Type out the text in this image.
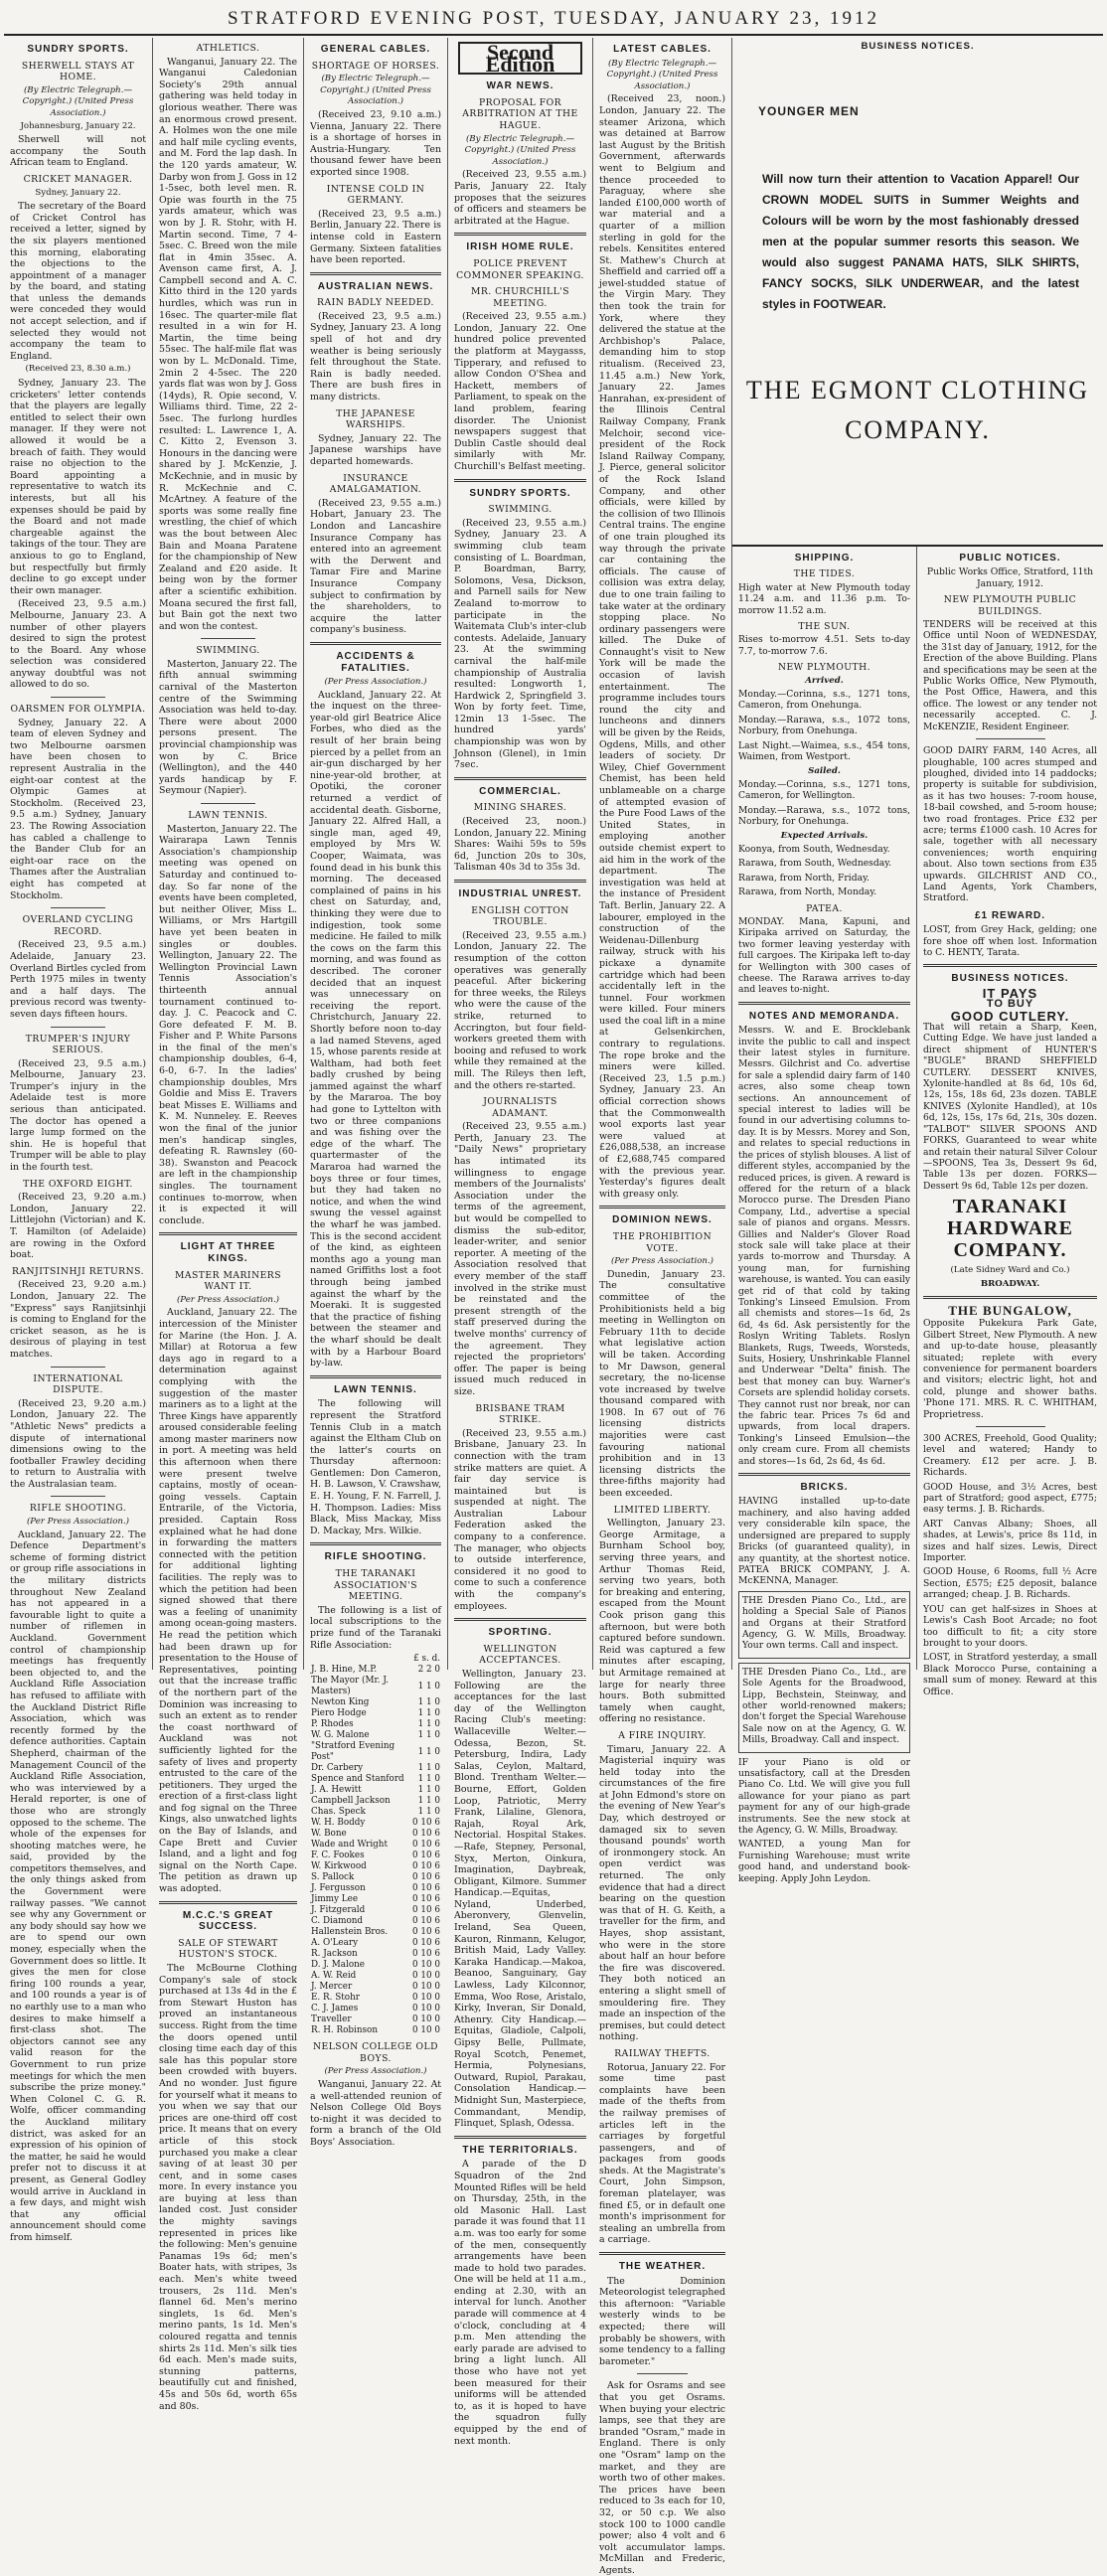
STRATFORD EVENING POST, TUESDAY, JANUARY 23, 1912
SUNDRY SPORTS.
SHERWELL STAYS AT HOME.
(By Electric Telegraph.—Copyright.) (United Press Association.)
Johannesburg, January 22.

Sherwell will not accompany the South African team to England.

CRICKET MANAGER.
Sydney, January 22.

The secretary of the Board of Cricket Control has received a letter, signed by the six players mentioned this morning, elaborating the objections to the appointment of a manager by the board, and stating that unless the demands were conceded they would not accept selection, and if selected they would not accompany the team to England.

(Received 23, 8.30 a.m.)

Sydney, January 23. The cricketers' letter contends that the players are legally entitled to select their own manager. If they were not allowed it would be a breach of faith. They would raise no objection to the Board appointing a representative to watch its interests, but all his expenses should be paid by the Board and not made chargeable against the takings of the tour. They are anxious to go to England, but respectfully but firmly decline to go except under their own manager.

(Received 23, 9.5 a.m.) Melbourne, January 23. A number of other players desired to sign the protest to the Board. Any whose selection was considered anyway doubtful was not allowed to do so.

OARSMEN FOR OLYMPIA.

Sydney, January 22. A team of eleven Sydney and two Melbourne oarsmen have been chosen to represent Australia in the eight-oar contest at the Olympic Games at Stockholm. (Received 23, 9.5 a.m.) Sydney, January 23. The Rowing Association has cabled a challenge to the Bander Club for an eight-oar race on the Thames after the Australian eight has competed at Stockholm.

OVERLAND CYCLING RECORD.

(Received 23, 9.5 a.m.) Adelaide, January 23. Overland Birtles cycled from Perth 1975 miles in twenty and a half days. The previous record was twenty-seven days fifteen hours.

TRUMPER'S INJURY SERIOUS.

(Received 23, 9.5 a.m.) Melbourne, January 23. Trumper's injury in the Adelaide test is more serious than anticipated. The doctor has opened a large lump formed on the shin. He is hopeful that Trumper will be able to play in the fourth test.

THE OXFORD EIGHT.

(Received 23, 9.20 a.m.) London, January 22. Littlejohn (Victorian) and K. T. Hamilton (of Adelaide) are rowing in the Oxford boat.

RANJITSINHJI RETURNS.

(Received 23, 9.20 a.m.) London, January 22. The "Express" says Ranjitsinhji is coming to England for the cricket season, as he is desirous of playing in test matches.

INTERNATIONAL DISPUTE.

(Received 23, 9.20 a.m.) London, January 22. The "Athletic News" predicts a dispute of international dimensions owing to the footballer Frawley deciding to return to Australia with the Australasian team.

RIFLE SHOOTING.
(Per Press Association.)

Auckland, January 22. The Defence Department's scheme of forming district or group rifle associations in the military districts throughout New Zealand has not appeared in a favourable light to quite a number of riflemen in Auckland. Government control of championship meetings has frequently been objected to, and the Auckland Rifle Association has refused to affiliate with the Auckland District Rifle Association, which was recently formed by the defence authorities. Captain Shepherd, chairman of the Management Council of the Auckland Rifle Association, who was interviewed by a Herald reporter, is one of those who are strongly opposed to the scheme. The whole of the expenses for shooting matches were, he said, provided by the competitors themselves, and the only things asked from the Government were railway passes. "We cannot see why any Government or any body should say how we are to spend our own money, especially when the Government does so little. It gives the men for close firing 100 rounds a year, and 100 rounds a year is of no earthly use to a man who desires to make himself a first-class shot. The objectors cannot see any valid reason for the Government to run prize meetings for which the men subscribe the prize money." When Colonel C. G. R. Wolfe, officer commanding the Auckland military district, was asked for an expression of his opinion of the matter, he said he would prefer not to discuss it at present, as General Godley would arrive in Auckland in a few days, and might wish that any official announcement should come from himself.

ATHLETICS.

Wanganui, January 22. The Wanganui Caledonian Society's 29th annual gathering was held today in glorious weather. There was an enormous crowd present. A. Holmes won the one mile and half mile cycling events, and M. Ford the lap dash. In the 120 yards amateur, W. Darby won from J. Goss in 12 1-5sec, both level men. R. Opie was fourth in the 75 yards amateur, which was won by J. R. Stohr, with H. Martin second. Time, 7 4-5sec. C. Breed won the mile flat in 4min 35sec. A. Avenson came first, A. J. Campbell second and A. C. Kitto third in the 120 yards hurdles, which was run in 16sec. The quarter-mile flat resulted in a win for H. Martin, the time being 55sec. The half-mile flat was won by L. McDonald. Time, 2min 2 4-5sec. The 220 yards flat was won by J. Goss (14yds), R. Opie second, V. Williams third. Time, 22 2-5sec. The furlong hurdles resulted: L. Lawrence 1, A. C. Kitto 2, Evenson 3. Honours in the dancing were shared by J. McKenzie, J. McKechnie, and in music by R. McKechnie and C. McArtney. A feature of the sports was some really fine wrestling, the chief of which was the bout between Alec Bain and Moana Paratene for the championship of New Zealand and £20 aside. It being won by the former after a scientific exhibition. Moana secured the first fall, but Bain got the next two and won the contest.

SWIMMING.

Masterton, January 22. The fifth annual swimming carnival of the Masterton centre of the Swimming Association was held to-day. There were about 2000 persons present. The provincial championship was won by C. Brice (Wellington), and the 440 yards handicap by F. Seymour (Napier).

LAWN TENNIS.

Masterton, January 22. The Wairarapa Lawn Tennis Association's championship meeting was opened on Saturday and continued to-day. So far none of the events have been completed, but neither Oliver, Miss L. Williams, or Mrs Hartgill have yet been beaten in singles or doubles. Wellington, January 22. The Wellington Provincial Lawn Tennis Association's thirteenth annual tournament continued to-day. J. C. Peacock and C. Gore defeated F. M. B. Fisher and P. White Parsons in the final of the men's championship doubles, 6-4, 6-0, 6-7. In the ladies' championship doubles, Mrs Goldie and Miss E. Travers beat Misses E. Williams and K. M. Nunneley. E. Reeves won the final of the junior men's handicap singles, defeating R. Rawnsley (60-38). Swanston and Peacock are left in the championship singles. The tournament continues to-morrow, when it is expected it will conclude.

LIGHT AT THREE KINGS.
MASTER MARINERS WANT IT.
(Per Press Association.)

Auckland, January 22. The intercession of the Minister for Marine (the Hon. J. A. Millar) at Rotorua a few days ago in regard to a determination against complying with the suggestion of the master mariners as to a light at the Three Kings have apparently aroused considerable feeling among master mariners now in port. A meeting was held this afternoon when there were present twelve captains, mostly of ocean-going vessels. Captain Entrarile, of the Victoria, presided. Captain Ross explained what he had done in forwarding the matters connected with the petition for additional lighting facilities. The reply was to which the petition had been signed showed that there was a feeling of unanimity among ocean-going masters. He read the petition which had been drawn up for presentation to the House of Representatives, pointing out that the increase traffic of the northern part of the Dominion was increasing to such an extent as to render the coast northward of Auckland was not sufficiently lighted for the safety of lives and property entrusted to the care of the petitioners. They urged the erection of a first-class light and fog signal on the Three Kings, also unwatched lights on the Bay of Islands, and Cape Brett and Cuvier Island, and a light and fog signal on the North Cape. The petition as drawn up was adopted.

M.C.C.'S GREAT SUCCESS.
SALE OF STEWART HUSTON'S STOCK.

The McBourne Clothing Company's sale of stock purchased at 13s 4d in the £ from Stewart Huston has proved an instantaneous success. Right from the time the doors opened until closing time each day of this sale has this popular store been crowded with buyers. And no wonder. Just figure for yourself what it means to you when we say that our prices are one-third off cost price. It means that on every article of this stock purchased you make a clear saving of at least 30 per cent, and in some cases more. In every instance you are buying at less than landed cost. Just consider the mighty savings represented in prices like the following: Men's genuine Panamas 19s 6d; men's Boater hats, with stripes, 3s each. Men's white tweed trousers, 2s 11d. Men's flannel 6d. Men's merino singlets, 1s 6d. Men's merino pants, 1s 1d. Men's coloured regatta and tennis shirts 2s 11d. Men's silk ties 6d each. Men's made suits, stunning patterns, beautifully cut and finished, 45s and 50s 6d, worth 65s and 80s.

GENERAL CABLES.
SHORTAGE OF HORSES.
(By Electric Telegraph.—Copyright.) (United Press Association.)

(Received 23, 9.10 a.m.) Vienna, January 22. There is a shortage of horses in Austria-Hungary. Ten thousand fewer have been exported since 1908.

INTENSE COLD IN GERMANY.

(Received 23, 9.5 a.m.) Berlin, January 22. There is intense cold in Eastern Germany. Sixteen fatalities have been reported.

AUSTRALIAN NEWS.
RAIN BADLY NEEDED.

(Received 23, 9.5 a.m.) Sydney, January 23. A long spell of hot and dry weather is being seriously felt throughout the State. Rain is badly needed. There are bush fires in many districts.

THE JAPANESE WARSHIPS.

Sydney, January 22. The Japanese warships have departed homewards.

INSURANCE AMALGAMATION.

(Received 23, 9.55 a.m.) Hobart, January 23. The London and Lancashire Insurance Company has entered into an agreement with the Derwent and Tamar Fire and Marine Insurance Company subject to confirmation by the shareholders, to acquire the latter company's business.

ACCIDENTS & FATALITIES.
(Per Press Association.)

Auckland, January 22. At the inquest on the three-year-old girl Beatrice Alice Forbes, who died as the result of her brain being pierced by a pellet from an air-gun discharged by her nine-year-old brother, at Opotiki, the coroner returned a verdict of accidental death. Gisborne, January 22. Alfred Hall, a single man, aged 49, employed by Mrs W. Cooper, Waimata, was found dead in his bunk this morning. The deceased complained of pains in his chest on Saturday, and, thinking they were due to indigestion, took some medicine. He failed to milk the cows on the farm this morning, and was found as described. The coroner decided that an inquest was unnecessary on receiving the report. Christchurch, January 22. Shortly before noon to-day a lad named Stevens, aged 15, whose parents reside at Waltham, had both feet badly crushed by being jammed against the wharf by the Mararoa. The boy had gone to Lyttelton with two or three companions and was fishing over the edge of the wharf. The quartermaster of the Mararoa had warned the boys three or four times, but they had taken no notice, and when the wind swung the vessel against the wharf he was jambed. This is the second accident of the kind, as eighteen months ago a young man named Griffiths lost a foot through being jambed against the wharf by the Moeraki. It is suggested that the practice of fishing between the steamer and the wharf should be dealt with by a Harbour Board by-law.

LAWN TENNIS.

The following will represent the Stratford Tennis Club in a match against the Eltham Club on the latter's courts on Thursday afternoon: Gentlemen: Don Cameron, H. B. Lawson, V. Crawshaw, E. H. Young, F. N. Farrell, J. H. Thompson. Ladies: Miss Black, Miss Mackay, Miss D. Mackay, Mrs. Wilkie.

RIFLE SHOOTING.
THE TARANAKI ASSOCIATION'S MEETING.

The following is a list of local subscriptions to the prize fund of the Taranaki Rifle Association:

	£ s. d.
J. B. Hine, M.P.	2 2 0
The Mayor (Mr. J. Masters)	1 1 0
Newton King	1 1 0
Piero Hodge	1 1 0
P. Rhodes	1 1 0
W. G. Malone	1 1 0
"Stratford Evening Post"	1 1 0
Dr. Carbery	1 1 0
Spence and Stanford	1 1 0
J. A. Hewitt	1 1 0
Campbell Jackson	1 1 0
Chas. Speck	1 1 0
W. H. Boddy	0 10 6
W. Bone	0 10 6
Wade and Wright	0 10 6
F. C. Fookes	0 10 6
W. Kirkwood	0 10 6
S. Pallock	0 10 6
J. Fergusson	0 10 6
Jimmy Lee	0 10 6
J. Fitzgerald	0 10 6
C. Diamond	0 10 6
Hallenstein Bros.	0 10 6
A. O'Leary	0 10 6
R. Jackson	0 10 6
D. J. Malone	0 10 0
A. W. Reid	0 10 0
J. Mercer	0 10 0
E. R. Stohr	0 10 0
C. J. James	0 10 0
Traveller	0 10 0
R. H. Robinson	0 10 0
NELSON COLLEGE OLD BOYS.
(Per Press Association.)

Wanganui, January 22. At a well-attended reunion of Nelson College Old Boys to-night it was decided to form a branch of the Old Boys' Association.

Second Edition
WAR NEWS.
PROPOSAL FOR ARBITRATION AT THE HAGUE.
(By Electric Telegraph.—Copyright.) (United Press Association.)

(Received 23, 9.55 a.m.) Paris, January 22. Italy proposes that the seizures of officers and steamers be arbitrated at the Hague.

IRISH HOME RULE.
POLICE PREVENT COMMONER SPEAKING.
MR. CHURCHILL'S MEETING.

(Received 23, 9.55 a.m.) London, January 22. One hundred police prevented the platform at Maygasss, Tipperary, and refused to allow Condon O'Shea and Hackett, members of Parliament, to speak on the land problem, fearing disorder. The Unionist newspapers suggest that Dublin Castle should deal similarly with Mr. Churchill's Belfast meeting.

SUNDRY SPORTS.
SWIMMING.

(Received 23, 9.55 a.m.) Sydney, January 23. A swimming club team consisting of L. Boardman, P. Boardman, Barry, Solomons, Vesa, Dickson, and Parnell sails for New Zealand to-morrow to participate in the Waitemata Club's inter-club contests. Adelaide, January 23. At the swimming carnival the half-mile championship of Australia resulted: Longworth 1, Hardwick 2, Springfield 3. Won by forty feet. Time, 12min 13 1-5sec. The hundred yards' championship was won by Johnson (Glenel), in 1min 7sec.

COMMERCIAL.
MINING SHARES.

(Received 23, noon.) London, January 22. Mining Shares: Waihi 59s to 59s 6d, Junction 20s to 30s, Talisman 40s 3d to 35s 3d.

INDUSTRIAL UNREST.
ENGLISH COTTON TROUBLE.

(Received 23, 9.55 a.m.) London, January 22. The resumption of the cotton operatives was generally peaceful. After bickering for three weeks, the Rileys who were the cause of the strike, returned to Accrington, but four field-workers greeted them with booing and refused to work while they remained at the mill. The Rileys then left, and the others re-started.

JOURNALISTS ADAMANT.

(Received 23, 9.55 a.m.) Perth, January 23. The "Daily News" proprietary has intimated its willingness to engage members of the Journalists' Association under the terms of the agreement, but would be compelled to dismiss the sub-editor, leader-writer, and senior reporter. A meeting of the Association resolved that every member of the staff involved in the strike must be reinstated and the present strength of the staff preserved during the twelve months' currency of the agreement. They rejected the proprietors' offer. The paper is being issued much reduced in size.

BRISBANE TRAM STRIKE.

(Received 23, 9.55 a.m.) Brisbane, January 23. In connection with the tram strike matters are quiet. A fair day service is maintained but is suspended at night. The Australian Labour Federation asked the company to a conference. The manager, who objects to outside interference, considered it no good to come to such a conference with the company's employees.

SPORTING.
WELLINGTON ACCEPTANCES.

Wellington, January 23. Following are the acceptances for the last day of the Wellington Racing Club's meeting: Wallaceville Welter.—Odessa, Bezon, St. Petersburg, Indira, Lady Salas, Ceylon, Maltard, Blond. Trentham Welter.—Bourne, Effort, Golden Loop, Patriotic, Merry Frank, Lilaline, Glenora, Rajah, Royal Ark, Nectorial. Hospital Stakes.—Rafe, Stepney, Personal, Styx, Merton, Oinkura, Imagination, Daybreak, Obligant, Kilmore. Summer Handicap.—Equitas, Nyland, Underbed, Aberonvery, Glenvelin, Ireland, Sea Queen, Kauron, Rinmann, Kelugor, British Maid, Lady Valley. Karaka Handicap.—Makoa, Beanoo, Sanguinary, Gay Lawless, Lady Kilconnor, Emma, Woo Rose, Aristalo, Kirky, Inveran, Sir Donald, Athenry. City Handicap.—Equitas, Gladiole, Calpoli, Gipsy Belle, Pullmate, Royal Scotch, Penemet, Hermia, Polynesians, Outward, Rupiol, Parakau, Consolation Handicap.—Midnight Sun, Masterpiece, Commandant, Mendip, Flinquet, Splash, Odessa.

THE TERRITORIALS.

A parade of the D Squadron of the 2nd Mounted Rifles will be held on Thursday, 25th, in the old Masonic Hall. Last parade it was found that 11 a.m. was too early for some of the men, consequently arrangements have been made to hold two parades. One will be held at 11 a.m., ending at 2.30, with an interval for lunch. Another parade will commence at 4 o'clock, concluding at 4 p.m. Men attending the early parade are advised to bring a light lunch. All those who have not yet been measured for their uniforms will be attended to, as it is hoped to have the squadron fully equipped by the end of next month.

LATEST CABLES.
(By Electric Telegraph.—Copyright.) (United Press Association.)

(Received 23, noon.) London, January 22. The steamer Arizona, which was detained at Barrow last August by the British Government, afterwards went to Belgium and thence proceeded to Paraguay, where she landed £100,000 worth of war material and a quarter of a million sterling in gold for the rebels. Kensitites entered St. Mathew's Church at Sheffield and carried off a jewel-studded statue of the Virgin Mary. They then took the train for York, where they delivered the statue at the Archbishop's Palace, demanding him to stop ritualism. (Received 23, 11.45 a.m.) New York, January 22. James Hanrahan, ex-president of the Illinois Central Railway Company, Frank Melchoir, second vice-president of the Rock Island Railway Company, J. Pierce, general solicitor of the Rock Island Company, and other officials, were killed by the collision of two Illinois Central trains. The engine of one train ploughed its way through the private car containing the officials. The cause of collision was extra delay, due to one train failing to take water at the ordinary stopping place. No ordinary passengers were killed. The Duke of Connaught's visit to New York will be made the occasion of lavish entertainment. The programme includes tours round the city and luncheons and dinners will be given by the Reids, Ogdens, Mills, and other leaders of society. Dr Wiley, Chief Government Chemist, has been held unblameable on a charge of attempted evasion of the Pure Food Laws of the United States, in employing another outside chemist expert to aid him in the work of the department. The investigation was held at the instance of President Taft. Berlin, January 22. A labourer, employed in the construction of the Weidenau-Dillenburg railway, struck with his pickaxe a dynamite cartridge which had been accidentally left in the tunnel. Four workmen were killed. Four miners used the coal lift in a mine at Gelsenkirchen, contrary to regulations. The rope broke and the miners were killed. (Received 23, 1.5 p.m.) Sydney, January 23. An official correction shows that the Commonwealth wool exports last year were valued at £26,088,538, an increase of £2,688,745 compared with the previous year. Yesterday's figures dealt with greasy only.

DOMINION NEWS.
THE PROHIBITION VOTE.
(Per Press Association.)

Dunedin, January 23. The consultative committee of the Prohibitionists held a big meeting in Wellington on February 11th to decide what legislative action will be taken. According to Mr Dawson, general secretary, the no-license vote increased by twelve thousand compared with 1908. In 67 out of 76 licensing districts majorities were cast favouring national prohibition and in 13 licensing districts the three-fifths majority had been exceeded.

LIMITED LIBERTY.

Wellington, January 23. George Armitage, a Burnham School boy, serving three years, and Arthur Thomas Reid, serving two years, both for breaking and entering, escaped from the Mount Cook prison gang this afternoon, but were both captured before sundown. Reid was captured a few minutes after escaping, but Armitage remained at large for nearly three hours. Both submitted tamely when caught, offering no resistance.

A FIRE INQUIRY.

Timaru, January 22. A Magisterial inquiry was held today into the circumstances of the fire at John Edmond's store on the evening of New Year's Day, which destroyed or damaged six to seven thousand pounds' worth of ironmongery stock. An open verdict was returned. The only evidence that had a direct bearing on the question was that of H. G. Keith, a traveller for the firm, and Hayes, shop assistant, who were in the store about half an hour before the fire was discovered. They both noticed an entering a slight smell of smouldering fire. They made an inspection of the premises, but could detect nothing.

RAILWAY THEFTS.

Rotorua, January 22. For some time past complaints have been made of the thefts from the railway premises of articles left in the carriages by forgetful passengers, and of packages from goods sheds. At the Magistrate's Court, John Simpson, foreman platelayer, was fined £5, or in default one month's imprisonment for stealing an umbrella from a carriage.

THE WEATHER.

The Dominion Meteorologist telegraphed this afternoon: "Variable westerly winds to be expected; there will probably be showers, with some tendency to a falling barometer."

Ask for Osrams and see that you get Osrams. When buying your electric lamps, see that they are branded "Osram," made in England. There is only one "Osram" lamp on the market, and they are worth two of other makes. The prices have been reduced to 3s each for 10, 32, or 50 c.p. We also stock 100 to 1000 candle power; also 4 volt and 6 volt accumulator lamps. McMillan and Frederic, Agents.

BUSINESS NOTICES.
YOUNGER MEN
Will now turn their attention to Vacation Apparel! Our CROWN MODEL SUITS in Summer Weights and Colours will be worn by the most fashionably dressed men at the popular summer resorts this season. We would also suggest PANAMA HATS, SILK SHIRTS, FANCY SOCKS, SILK UNDERWEAR, and the latest styles in FOOTWEAR.
THE EGMONT CLOTHING
COMPANY.
SHIPPING.
THE TIDES.

High water at New Plymouth today 11.24 a.m. and 11.36 p.m. To-morrow 11.52 a.m.

THE SUN.

Rises to-morrow 4.51. Sets to-day 7.7, to-morrow 7.6.

NEW PLYMOUTH.
Arrived.

Monday.—Corinna, s.s., 1271 tons, Cameron, from Onehunga.

Monday.—Rarawa, s.s., 1072 tons, Norbury, from Onehunga.

Last Night.—Waimea, s.s., 454 tons, Waimen, from Westport.

Sailed.

Monday.—Corinna, s.s., 1271 tons, Cameron, for Wellington.

Monday.—Rarawa, s.s., 1072 tons, Norbury, for Onehunga.

Expected Arrivals.

Koonya, from South, Wednesday.

Rarawa, from South, Wednesday.

Rarawa, from North, Friday.

Rarawa, from North, Monday.

PATEA.

MONDAY. Mana, Kapuni, and Kiripaka arrived on Saturday, the two former leaving yesterday with full cargoes. The Kiripaka left to-day for Wellington with 300 cases of cheese. The Rarawa arrives to-day and leaves to-night.

NOTES AND MEMORANDA.

Messrs. W. and E. Brocklebank invite the public to call and inspect their latest styles in furniture. Messrs. Gilchrist and Co. advertise for sale a splendid dairy farm of 140 acres, also some cheap town sections. An announcement of special interest to ladies will be found in our advertising columns to-day. It is by Messrs. Morey and Son, and relates to special reductions in the prices of stylish blouses. A list of different styles, accompanied by the reduced prices, is given. A reward is offered for the return of a black Morocco purse. The Dresden Piano Company, Ltd., advertise a special sale of pianos and organs. Messrs. Gillies and Nalder's Glover Road stock sale will take place at their yards to-morrow and Thursday. A young man, for furnishing warehouse, is wanted. You can easily get rid of that cold by taking Tonking's Linseed Emulsion. From all chemists and stores—1s 6d, 2s 6d, 4s 6d. Ask persistently for the Roslyn Writing Tablets. Roslyn Blankets, Rugs, Tweeds, Worsteds, Suits, Hosiery, Unshrinkable Flannel and Underwear "Delta" finish. The best that money can buy. Warner's Corsets are splendid holiday corsets. They cannot rust nor break, nor can the fabric tear. Prices 7s 6d and upwards, from local drapers. Tonking's Linseed Emulsion—the only cream cure. From all chemists and stores—1s 6d, 2s 6d, 4s 6d.

BRICKS.

HAVING installed up-to-date machinery, and also having added very considerable kiln space, the undersigned are prepared to supply Bricks (of guaranteed quality), in any quantity, at the shortest notice. PATEA BRICK COMPANY, J. A. McKENNA, Manager.

THE Dresden Piano Co., Ltd., are holding a Special Sale of Pianos and Organs at their Stratford Agency, G. W. Mills, Broadway. Your own terms. Call and inspect.

THE Dresden Piano Co., Ltd., are Sole Agents for the Broadwood, Lipp, Bechstein, Steinway, and other world-renowned makers; don't forget the Special Warehouse Sale now on at the Agency, G. W. Mills, Broadway. Call and inspect.

IF your Piano is old or unsatisfactory, call at the Dresden Piano Co. Ltd. We will give you full allowance for your piano as part payment for any of our high-grade instruments. See the new stock at the Agency, G. W. Mills, Broadway.

WANTED, a young Man for Furnishing Warehouse; must write good hand, and understand book-keeping. Apply John Leydon.

PUBLIC NOTICES.

Public Works Office, Stratford, 11th January, 1912.

NEW PLYMOUTH PUBLIC BUILDINGS.

TENDERS will be received at this Office until Noon of WEDNESDAY, the 31st day of January, 1912, for the Erection of the above Building. Plans and specifications may be seen at the Public Works Office, New Plymouth, the Post Office, Hawera, and this office. The lowest or any tender not necessarily accepted. C. J. McKENZIE, Resident Engineer.

GOOD DAIRY FARM, 140 Acres, all ploughable, 100 acres stumped and ploughed, divided into 14 paddocks; property is suitable for subdivision, as it has two houses: 7-room house, 18-bail cowshed, and 5-room house; two road frontages. Price £32 per acre; terms £1000 cash. 10 Acres for sale, together with all necessary conveniences; worth enquiring about. Also town sections from £35 upwards. GILCHRIST AND CO., Land Agents, York Chambers, Stratford.

£1 REWARD.

LOST, from Grey Hack, gelding; one fore shoe off when lost. Information to C. HENTY, Tarata.

BUSINESS NOTICES.
IT PAYS
TO BUY
GOOD CUTLERY.

That will retain a Sharp, Keen, Cutting Edge. We have just landed a direct shipment of HUNTER'S "BUGLE" BRAND SHEFFIELD CUTLERY. DESSERT KNIVES, Xylonite-handled at 8s 6d, 10s 6d, 12s, 15s, 18s 6d, 23s dozen. TABLE KNIVES (Xylonite Handled), at 10s 6d, 12s, 15s, 17s 6d, 21s, 30s dozen. "TALBOT" SILVER SPOONS AND FORKS, Guaranteed to wear white and retain their natural Silver Colour—SPOONS, Tea 3s, Dessert 9s 6d, Table 13s per dozen. FORKS—Dessert 9s 6d, Table 12s per dozen.

TARANAKI
HARDWARE
COMPANY.
(Late Sidney Ward and Co.)
BROADWAY.
THE BUNGALOW,

Opposite Pukekura Park Gate, Gilbert Street, New Plymouth. A new and up-to-date house, pleasantly situated; replete with every convenience for permanent boarders and visitors; electric light, hot and cold, plunge and shower baths. 'Phone 171. MRS. R. C. WHITHAM, Proprietress.

300 ACRES, Freehold, Good Quality; level and watered; Handy to Creamery. £12 per acre. J. B. Richards.

GOOD House, and 3½ Acres, best part of Stratford; good aspect, £775; easy terms. J. B. Richards.

ART Canvas Albany; Shoes, all shades, at Lewis's, price 8s 11d, in sizes and half sizes. Lewis, Direct Importer.

GOOD House, 6 Rooms, full ½ Acre Section, £575; £25 deposit, balance arranged; cheap. J. B. Richards.

YOU can get half-sizes in Shoes at Lewis's Cash Boot Arcade; no foot too difficult to fit; a city store brought to your doors.

LOST, in Stratford yesterday, a small Black Morocco Purse, containing a small sum of money. Reward at this Office.
